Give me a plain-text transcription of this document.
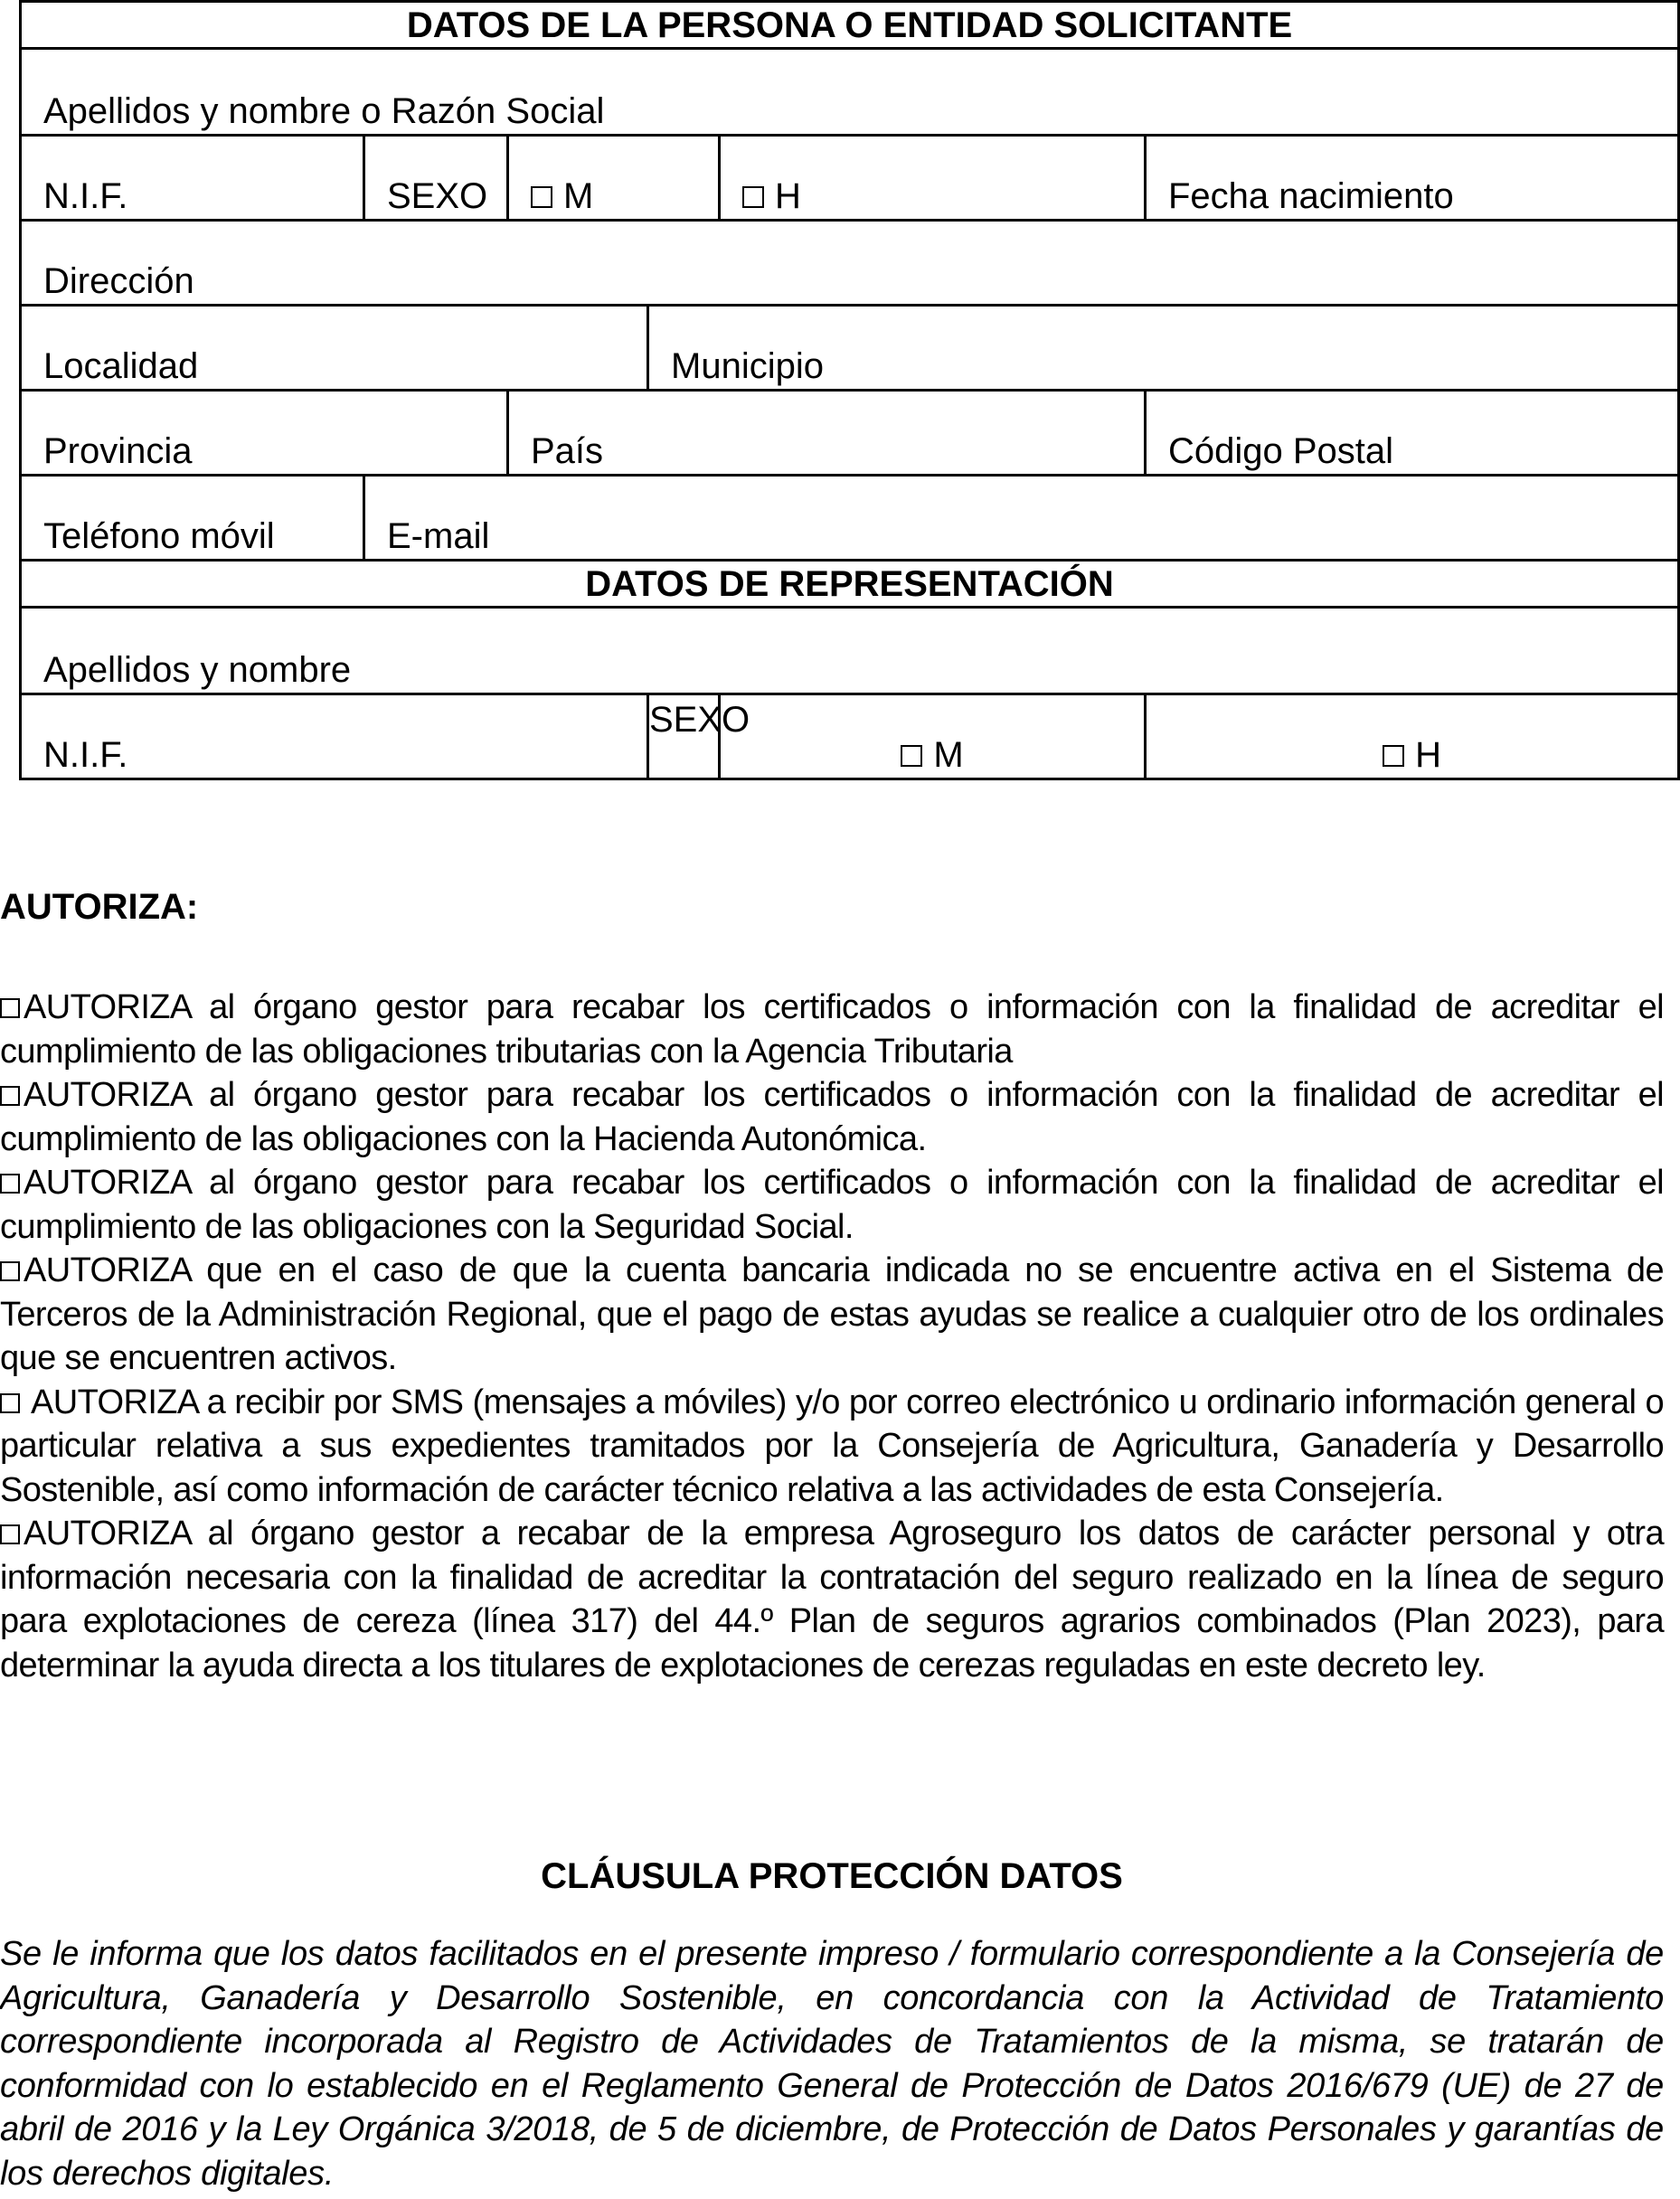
DATOS DE LA PERSONA O ENTIDAD SOLICITANTE					
Apellidos y nombre o Razón Social					
N.I.F.	SEXO	M		H	Fecha nacimiento
Dirección					
Localidad			Municipio		
Provincia		País			Código Postal
Teléfono móvil	E-mail				
DATOS DE REPRESENTACIÓN					
Apellidos y nombre					
N.I.F.			SEXO	M	H
AUTORIZA:

AUTORIZA al órgano gestor para recabar los certificados o información con la finalidad de acreditar el cumplimiento de las obligaciones tributarias con la Agencia Tributaria

AUTORIZA al órgano gestor para recabar los certificados o información con la finalidad de acreditar el cumplimiento de las obligaciones con la Hacienda Autonómica.

AUTORIZA al órgano gestor para recabar los certificados o información con la finalidad de acreditar el cumplimiento de las obligaciones con la Seguridad Social.

AUTORIZA que en el caso de que la cuenta bancaria indicada no se encuentre activa en el Sistema de Terceros de la Administración Regional, que el pago de estas ayudas se realice a cualquier otro de los ordinales que se encuentren activos.

AUTORIZA a recibir por SMS (mensajes a móviles) y/o por correo electrónico u ordinario información general o particular relativa a sus expedientes tramitados por la Consejería de Agricultura, Ganadería y Desarrollo Sostenible, así como información de carácter técnico relativa a las actividades de esta Consejería.

AUTORIZA al órgano gestor a recabar de la empresa Agroseguro los datos de carácter personal y otra información necesaria con la finalidad de acreditar la contratación del seguro realizado en la línea de seguro para explotaciones de cereza (línea 317) del 44.º Plan de seguros agrarios combinados (Plan 2023), para determinar la ayuda directa a los titulares de explotaciones de cerezas reguladas en este decreto ley.

CLÁUSULA PROTECCIÓN DATOS
Se le informa que los datos facilitados en el presente impreso / formulario correspondiente a la Consejería de Agricultura, Ganadería y Desarrollo Sostenible, en concordancia con la Actividad de Tratamiento correspondiente incorporada al Registro de Actividades de Tratamientos de la misma, se tratarán de conformidad con lo establecido en el Reglamento General de Protección de Datos 2016/679 (UE) de 27 de abril de 2016 y la Ley Orgánica 3/2018, de 5 de diciembre, de Protección de Datos Personales y garantías de los derechos digitales.
